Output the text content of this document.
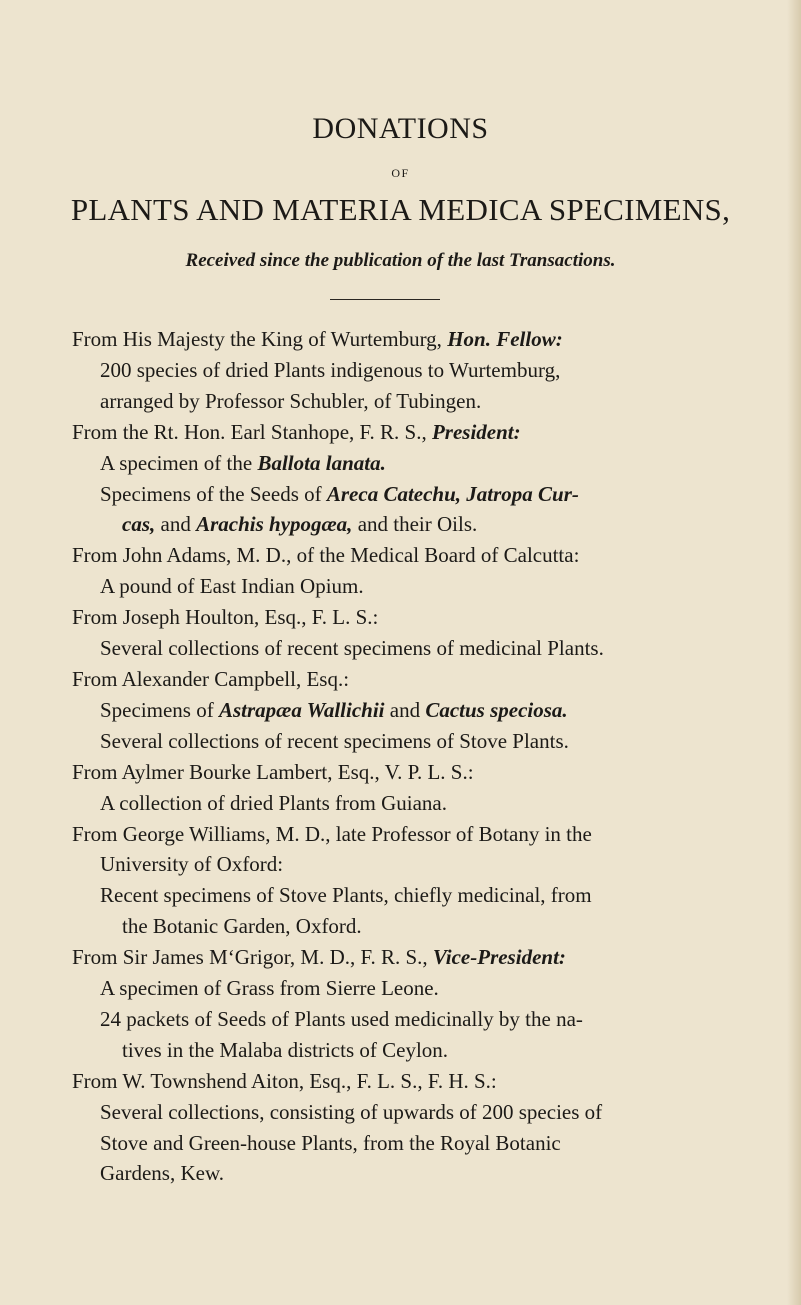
DONATIONS
OF
PLANTS AND MATERIA MEDICA SPECIMENS,
Received since the publication of the last Transactions.
From His Majesty the King of Wurtemburg, Hon. Fellow:
200 species of dried Plants indigenous to Wurtemburg,
arranged by Professor Schubler, of Tubingen.
From the Rt. Hon. Earl Stanhope, F. R. S., President:
A specimen of the Ballota lanata.
Specimens of the Seeds of Areca Catechu, Jatropa Cur-
cas, and Arachis hypogæa, and their Oils.
From John Adams, M. D., of the Medical Board of Calcutta:
A pound of East Indian Opium.
From Joseph Houlton, Esq., F. L. S.:
Several collections of recent specimens of medicinal Plants.
From Alexander Campbell, Esq.:
Specimens of Astrapæa Wallichii and Cactus speciosa.
Several collections of recent specimens of Stove Plants.
From Aylmer Bourke Lambert, Esq., V. P. L. S.:
A collection of dried Plants from Guiana.
From George Williams, M. D., late Professor of Botany in the
University of Oxford:
Recent specimens of Stove Plants, chiefly medicinal, from
the Botanic Garden, Oxford.
From Sir James M‘Grigor, M. D., F. R. S., Vice-President:
A specimen of Grass from Sierre Leone.
24 packets of Seeds of Plants used medicinally by the na-
tives in the Malaba districts of Ceylon.
From W. Townshend Aiton, Esq., F. L. S., F. H. S.:
Several collections, consisting of upwards of 200 species of
Stove and Green-house Plants, from the Royal Botanic
Gardens, Kew.
